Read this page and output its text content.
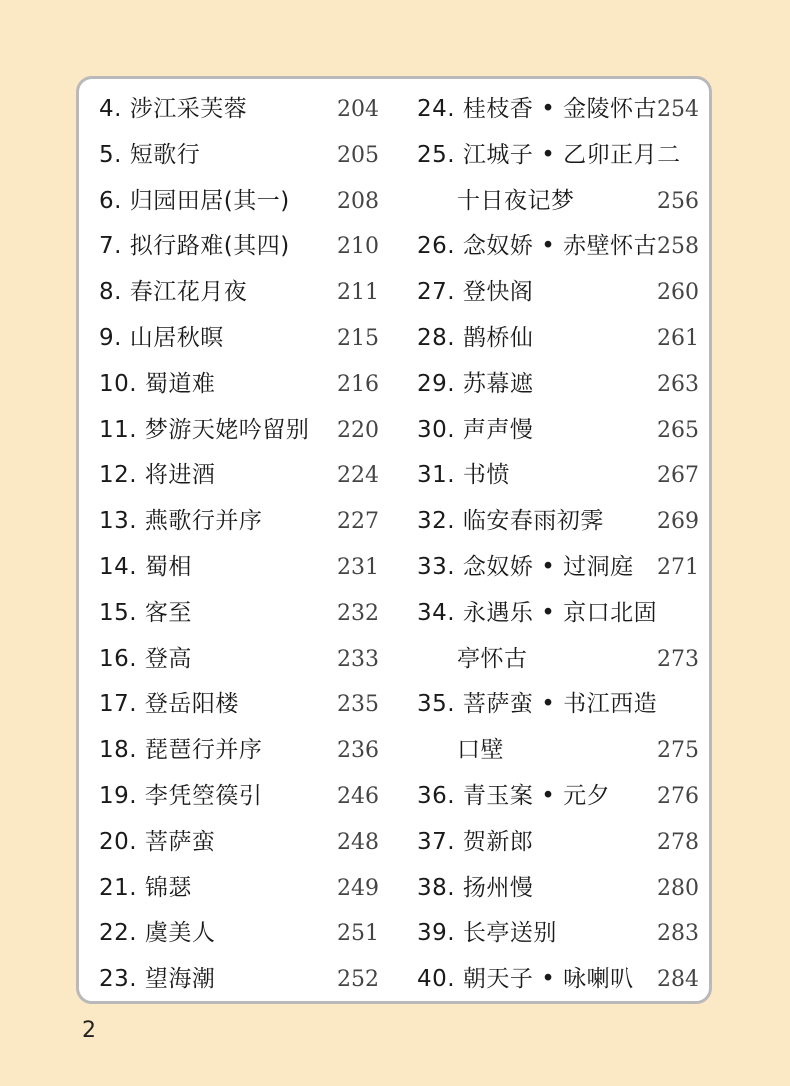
4. 涉江采芙蓉	204
5. 短歌行	205
6. 归园田居(其一) 208
7. 拟行路难(其四) 210
8. 春江花月夜	211
9. 山居秋暝	215
10. 蜀道难	216
11. 梦游天姥吟留别 220
12. 将进酒	224
13. 燕歌行并序	227
14. 蜀相	231
15. 客至	232
16. 登高	233
17. 登岳阳楼	235
18. 琵琶行并序	236
19. 李凭箜篌引	246
20. 菩萨蛮	248
21. 锦瑟	249
22. 虞美人	251
23. 望海潮	252
24. 桂枝香 • 金陵怀古 254
25. 江城子 • 乙卯正月二
十日夜记梦	256
26. 念奴娇 • 赤壁怀古 258
27. 登快阁	260
28. 鹊桥仙	261
29. 苏幕遮	263
30. 声声慢	265
31. 书愤	267
32. 临安春雨初霁 269
33. 念奴娇 • 过洞庭 271
34. 永遇乐 • 京口北固
亭怀古	273
35. 菩萨蛮 • 书江西造
口壁	275
36. 青玉案 • 元夕 276
37. 贺新郎	278
38. 扬州慢	280
39. 长亭送别	283
40. 朝天子 • 咏喇叭 284
2
